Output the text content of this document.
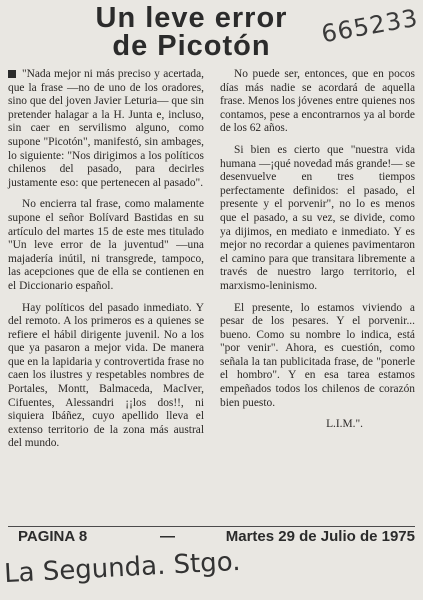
Un leve error
de Picotón	665233

"Nada mejor ni más preciso y acertada, que la frase —no de uno de los oradores, sino que del joven Javier Leturia— que sin pretender halagar a la H. Junta e, incluso, sin caer en servilismo alguno, como supone "Picotón", manifestó, sin ambages, lo siguiente: "Nos dirigimos a los políticos chilenos del pasado, para decirles justamente eso: que pertenecen al pasado".

No encierra tal frase, como malamente supone el señor Bolívard Bastidas en su artículo del martes 15 de este mes titulado "Un leve error de la juventud" —una majadería inútil, ni transgrede, tampoco, las acepciones que de ella se contienen en el Diccionario español.

Hay políticos del pasado inmediato. Y del remoto. A los primeros es a quienes se refiere el hábil dirigente juvenil. No a los que ya pasaron a mejor vida. De manera que en la lapidaria y controvertida frase no caen los ilustres y respetables nombres de Portales, Montt, Balmaceda, MacIver, Cifuentes, Alessandri ¡¡los dos!!, ni siquiera Ibáñez, cuyo apellido lleva el extenso territorio de la zona más austral del mundo.

No puede ser, entonces, que en pocos días más nadie se acordará de aquella frase. Menos los jóvenes entre quienes nos contamos, pese a encontrarnos ya al borde de los 62 años.

Si bien es cierto que "nuestra vida humana —¡qué novedad más grande!— se desenvuelve en tres tiempos perfectamente definidos: el pasado, el presente y el porvenir", no lo es menos que el pasado, a su vez, se divide, como ya dijimos, en mediato e inmediato. Y es mejor no recordar a quienes pavimentaron el camino para que transitara libremente a través de nuestro largo territorio, el marxismo-leninismo.

El presente, lo estamos viviendo a pesar de los pesares. Y el porvenir... bueno. Como su nombre lo indica, está "por venir". Ahora, es cuestión, como señala la tan publicitada frase, de "ponerle el hombro". Y en esa tarea estamos empeñados todos los chilenos de corazón bien puesto.

L.I.M.".
PAGINA 8	—	Martes 29 de Julio de 1975
La Segunda. Stgo.
